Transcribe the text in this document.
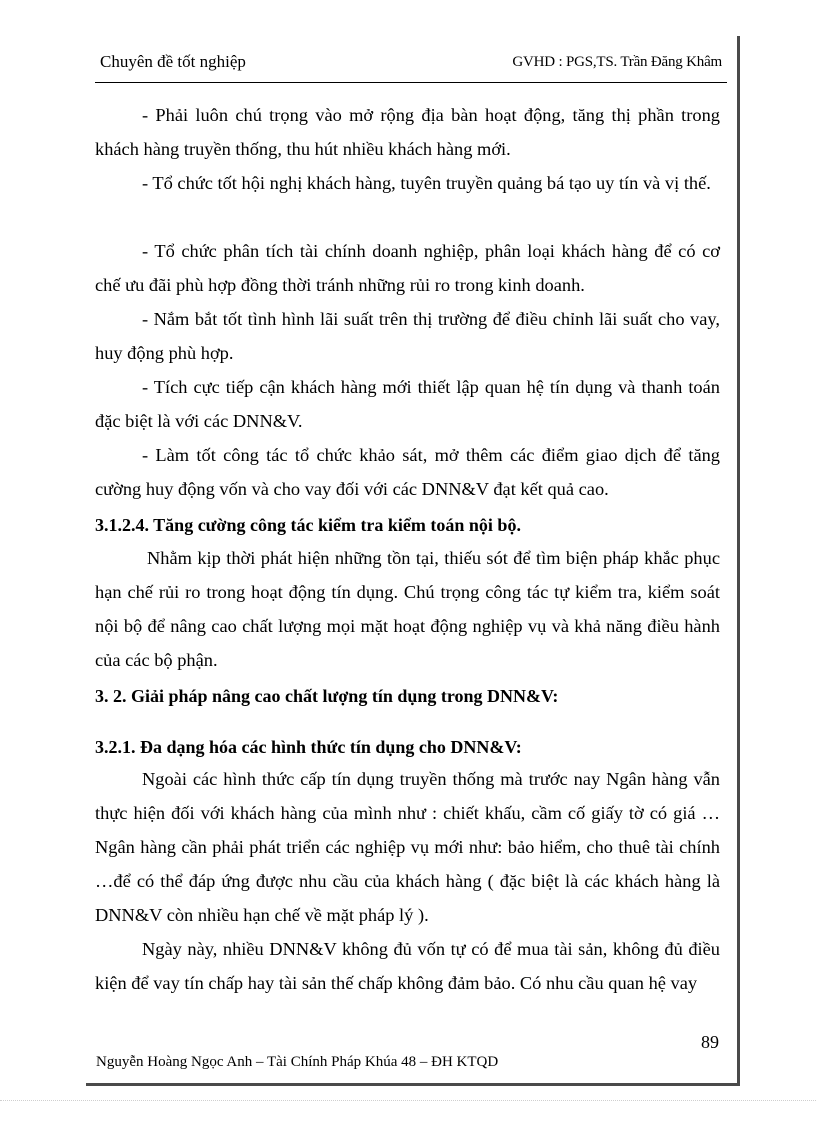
Chuyên đề tốt nghiệp	GVHD : PGS,TS. Trần Đăng Khâm

- Phải luôn chú trọng vào mở rộng địa bàn hoạt động, tăng thị phần trong khách hàng truyền thống, thu hút nhiều khách hàng mới.

- Tổ chức tốt hội nghị khách hàng, tuyên truyền quảng bá tạo uy tín và vị thế.

- Tổ chức phân tích tài chính doanh nghiệp, phân loại khách hàng để có cơ chế ưu đãi phù hợp đồng thời tránh những rủi ro trong kinh doanh.

- Nắm bắt tốt tình hình lãi suất trên thị trường để điều chỉnh lãi suất cho vay, huy động phù hợp.

- Tích cực tiếp cận khách hàng mới thiết lập quan hệ tín dụng và thanh toán đặc biệt là với các DNN&V.

- Làm tốt công tác tổ chức khảo sát, mở thêm các điểm giao dịch để tăng cường huy động vốn và cho vay đối với các DNN&V đạt kết quả cao.

3.1.2.4. Tăng cường công tác kiểm tra kiểm toán nội bộ.

Nhằm kịp thời phát hiện những tồn tại, thiếu sót để tìm biện pháp khắc phục hạn chế rủi ro trong hoạt động tín dụng. Chú trọng công tác tự kiểm tra, kiểm soát nội bộ để nâng cao chất lượng mọi mặt hoạt động nghiệp vụ và khả năng điều hành của các bộ phận.

3. 2. Giải pháp nâng cao chất lượng tín dụng trong DNN&V:
3.2.1. Đa dạng hóa các hình thức tín dụng cho DNN&V:

Ngoài các hình thức cấp tín dụng truyền thống mà trước nay Ngân hàng vẫn thực hiện đối với khách hàng của mình như : chiết khấu, cầm cố giấy tờ có giá … Ngân hàng cần phải phát triển các nghiệp vụ mới như: bảo hiểm, cho thuê tài chính …để có thể đáp ứng được nhu cầu của khách hàng ( đặc biệt là các khách hàng là DNN&V còn nhiều hạn chế về mặt pháp lý ).

Ngày này, nhiều DNN&V không đủ vốn tự có để mua tài sản, không đủ điều kiện để vay tín chấp hay tài sản thế chấp không đảm bảo. Có nhu cầu quan hệ vay

89
Nguyễn Hoàng Ngọc Anh – Tài Chính Pháp Khúa 48 – ĐH KTQD
